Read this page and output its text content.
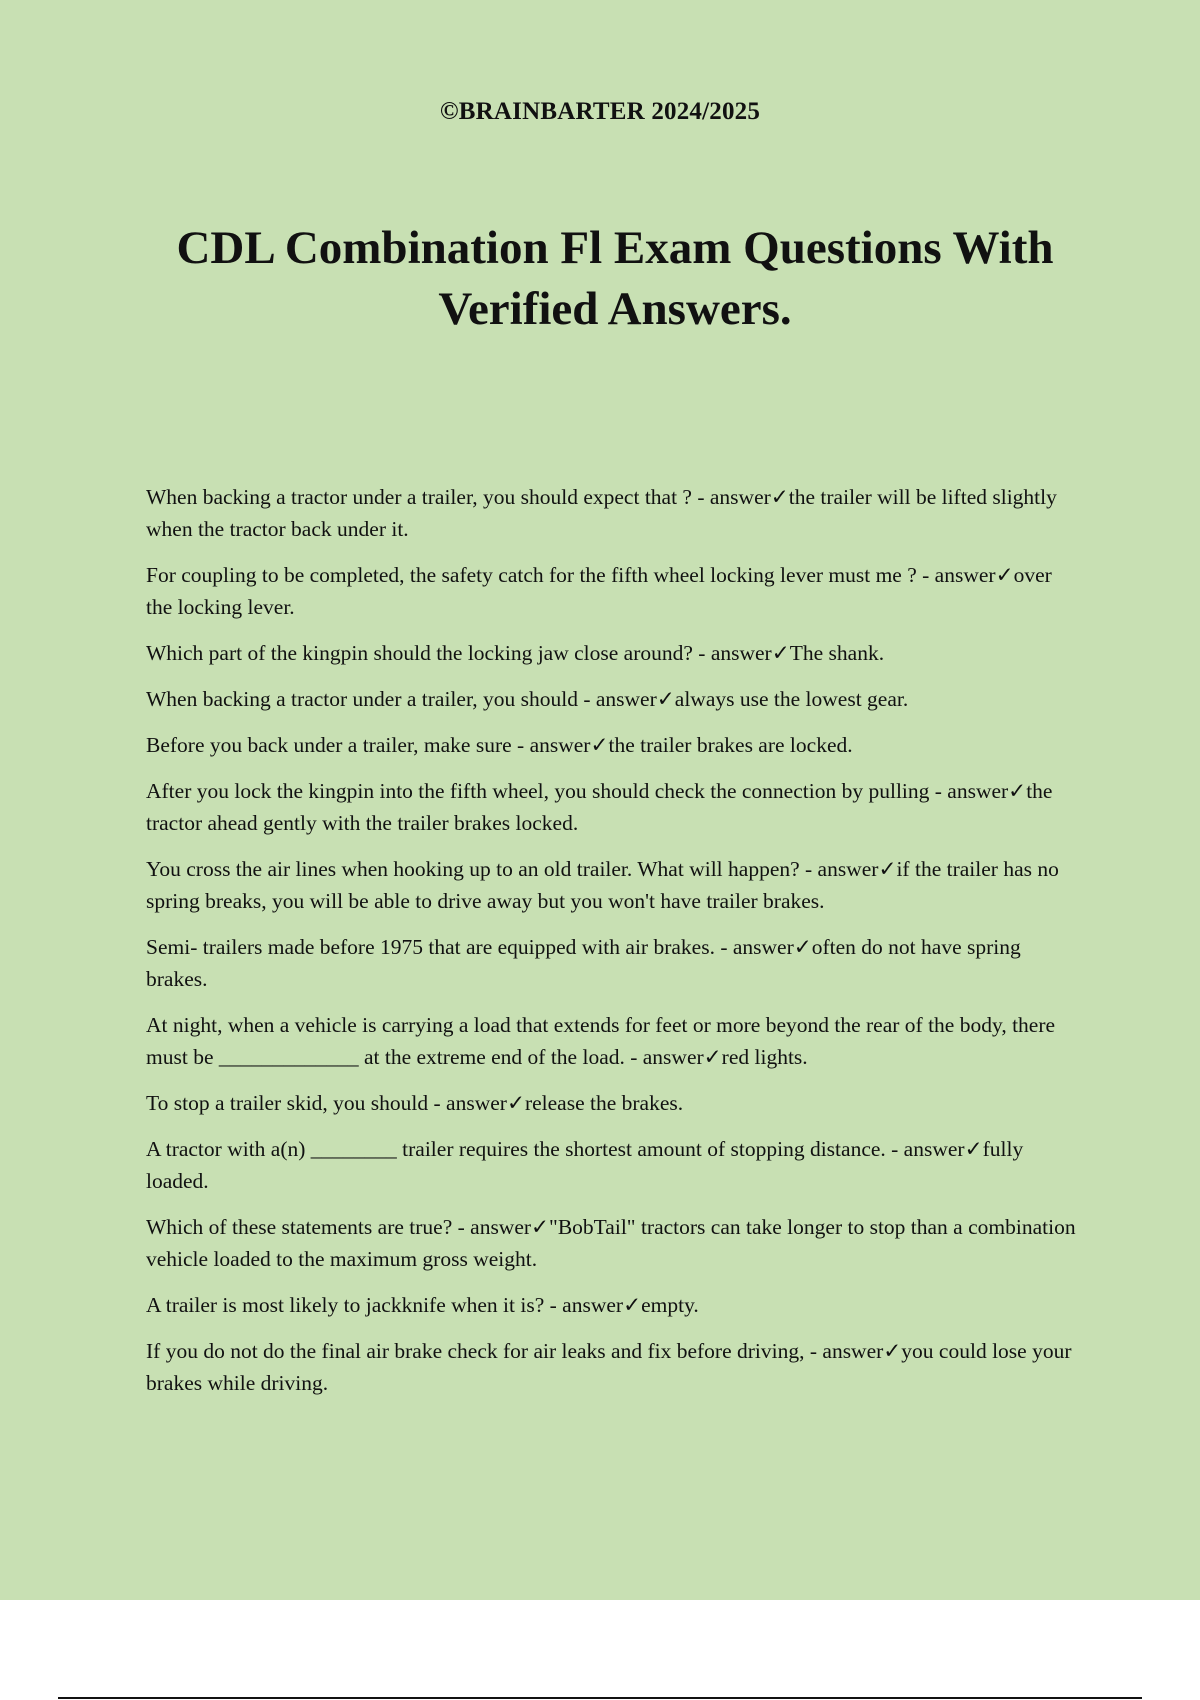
©BRAINBARTER 2024/2025
CDL Combination Fl Exam Questions With Verified Answers.
When backing a tractor under a trailer, you should expect that ? - answer✓the trailer will be lifted slightly when the tractor back under it.
For coupling to be completed, the safety catch for the fifth wheel locking lever must me ? - answer✓over the locking lever.
Which part of the kingpin should the locking jaw close around? - answer✓The shank.
When backing a tractor under a trailer, you should - answer✓always use the lowest gear.
Before you back under a trailer, make sure - answer✓the trailer brakes are locked.
After you lock the kingpin into the fifth wheel, you should check the connection by pulling - answer✓the tractor ahead gently with the trailer brakes locked.
You cross the air lines when hooking up to an old trailer. What will happen? - answer✓if the trailer has no spring breaks, you will be able to drive away but you won't have trailer brakes.
Semi- trailers made before 1975 that are equipped with air brakes. - answer✓often do not have spring brakes.
At night, when a vehicle is carrying a load that extends for feet or more beyond the rear of the body, there must be _____________ at the extreme end of the load. - answer✓red lights.
To stop a trailer skid, you should - answer✓release the brakes.
A tractor with a(n) ________ trailer requires the shortest amount of stopping distance. - answer✓fully loaded.
Which of these statements are true? - answer✓"BobTail" tractors can take longer to stop than a combination vehicle loaded to the maximum gross weight.
A trailer is most likely to jackknife when it is? - answer✓empty.
If you do not do the final air brake check for air leaks and fix before driving, - answer✓you could lose your brakes while driving.
